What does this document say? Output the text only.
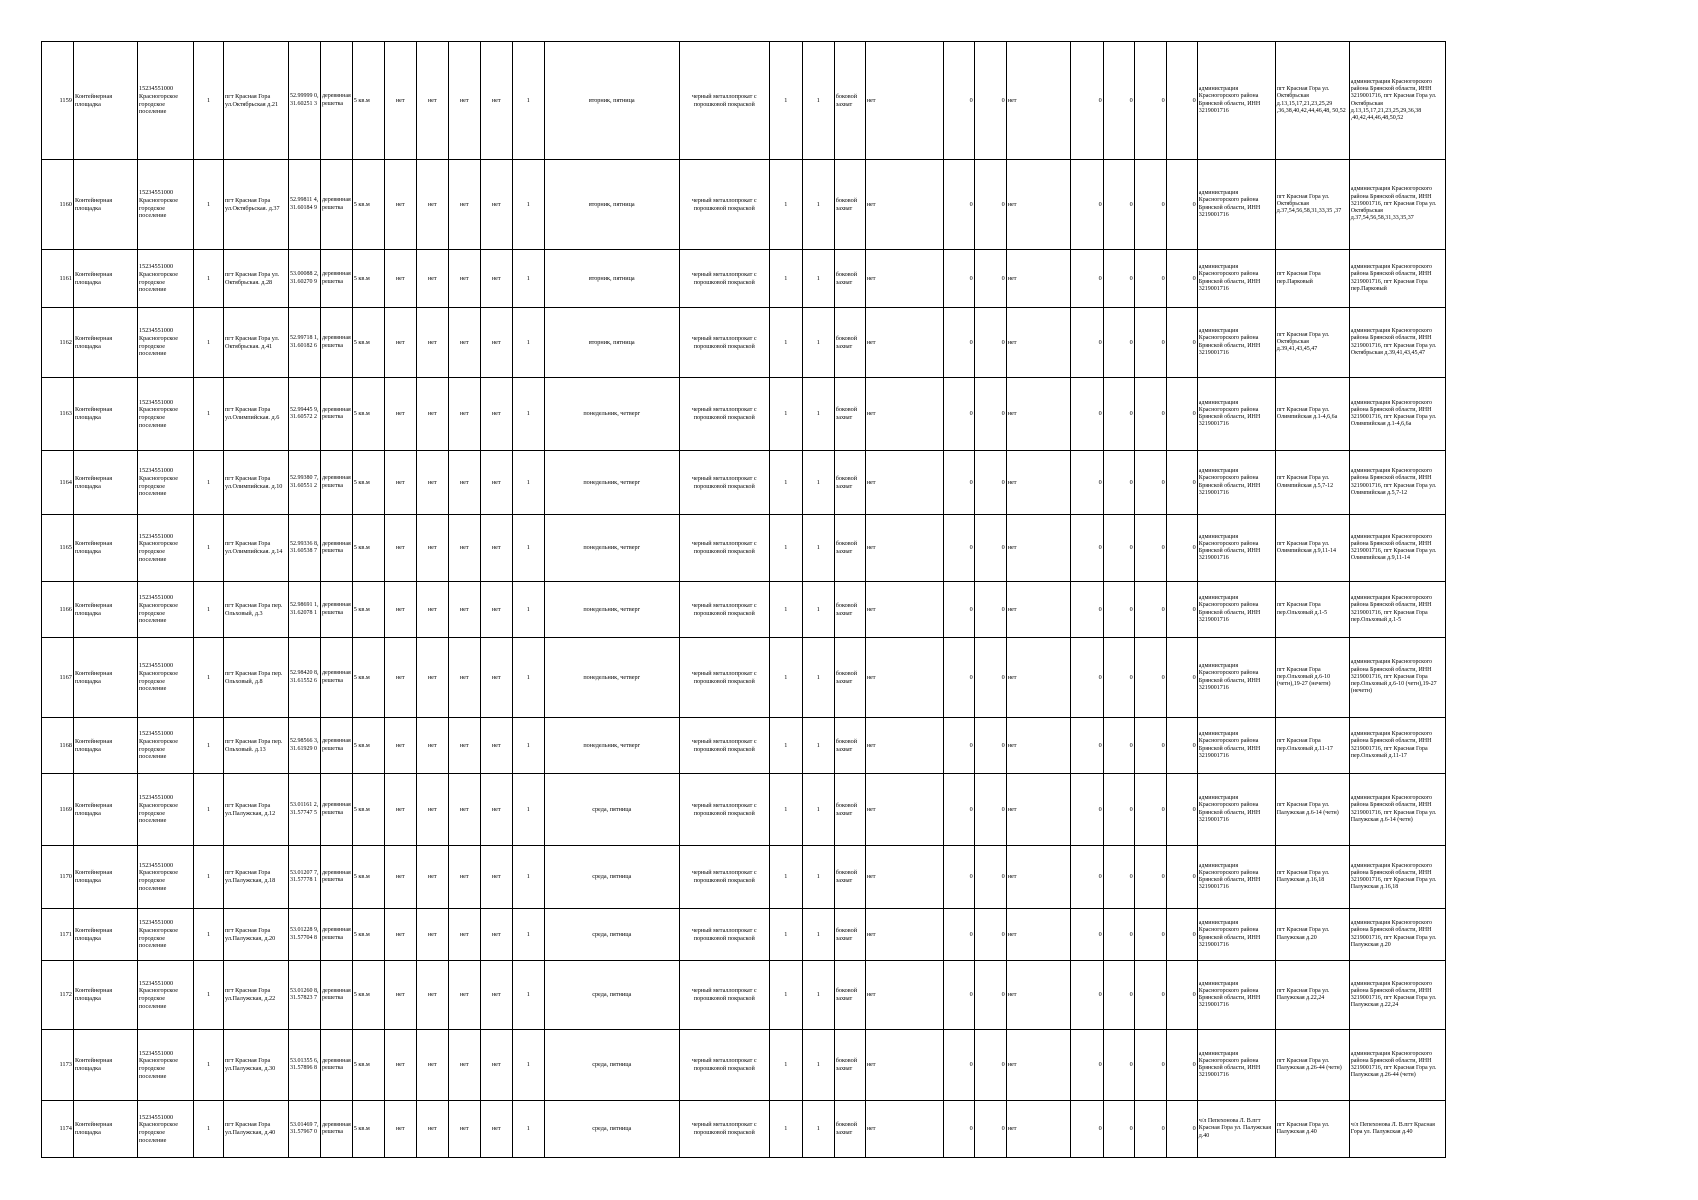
1159	Контейнерная площадка	15234551000 Красногорское городское поселение	1	пгт Красная Гора ул.Октябрьская д.21	52.99999 0, 31.60251 3	деревянная решетка	5 кв.м	нет	нет	нет	нет	1	вторник, пятница	черный металлопрокат с порошковой покраской	1	1	боковой захват	нет	0	0	нет	0	0	0	0	администрация Красногорского района Брянской области, ИНН 3219001716	пгт Красная Гора ул. Октябрьская д.13,15,17,21,23,25,29 ,36,38,40,42,44,46,48, 50,52	администрация Красногорского района Брянской области, ИНН 3219001716, пгт Красная Гора ул. Октябрьская д.13,15,17,21,23,25,29,36,38 ,40,42,44,46,48,50,52
1160	Контейнерная площадка	15234551000 Красногорское городское поселение	1	пгт Красная Гора ул.Октябрьская. д.37	52.99811 4, 31.60184 9	деревянная решетка	5 кв.м	нет	нет	нет	нет	1	вторник, пятница	черный металлопрокат с порошковой покраской	1	1	боковой захват	нет	0	0	нет	0	0	0	0	администрация Красногорского района Брянской области, ИНН 3219001716	пгт Красная Гора ул. Октябрьская д.37,54,56,58,31,33,35 ,37	администрация Красногорского района Брянской области, ИНН 3219001716, пгт Красная Гора ул. Октябрьская д.37,54,56,58,31,33,35,37
1161	Контейнерная площадка	15234551000 Красногорское городское поселение	1	пгт Красная Гора ул. Октябрьская. д.28	53.00088 2, 31.60270 9	деревянная решетка	5 кв.м	нет	нет	нет	нет	1	вторник, пятница	черный металлопрокат с порошковой покраской	1	1	боковой захват	нет	0	0	нет	0	0	0	0	администрация Красногорского района Брянской области, ИНН 3219001716	пгт Красная Гора пер.Парковый	администрация Красногорского района Брянской области, ИНН 3219001716, пгт Красная Гора пер.Парковый
1162	Контейнерная площадка	15234551000 Красногорское городское поселение	1	пгт Красная Гора ул. Октябрьская. д.41	52.99718 1, 31.60182 6	деревянная решетка	5 кв.м	нет	нет	нет	нет	1	вторник, пятница	черный металлопрокат с порошковой покраской	1	1	боковой захват	нет	0	0	нет	0	0	0	0	администрация Красногорского района Брянской области, ИНН 3219001716	пгт Красная Гора ул. Октябрьская д.39,41,43,45,47	администрация Красногорского района Брянской области, ИНН 3219001716, пгт Красная Гора ул. Октябрьская д.39,41,43,45,47
1163	Контейнерная площадка	15234551000 Красногорское городское поселение	1	пгт Красная Гора ул.Олимпийская. д.6	52.99445 9, 31.60572 2	деревянная решетка	5 кв.м	нет	нет	нет	нет	1	понедельник, четверг	черный металлопрокат с порошковой покраской	1	1	боковой захват	нет	0	0	нет	0	0	0	0	администрация Красногорского района Брянской области, ИНН 3219001716	пгт Красная Гора ул. Олимпийская д.1-4,6,6а	администрация Красногорского района Брянской области, ИНН 3219001716, пгт Красная Гора ул. Олимпийская д.1-4,6,6а
1164	Контейнерная площадка	15234551000 Красногорское городское поселение	1	пгт Красная Гора ул.Олимпийская. д.10	52.99380 7, 31.60551 2	деревянная решетка	5 кв.м	нет	нет	нет	нет	1	понедельник, четверг	черный металлопрокат с порошковой покраской	1	1	боковой захват	нет	0	0	нет	0	0	0	0	администрация Красногорского района Брянской области, ИНН 3219001716	пгт Красная Гора ул. Олимпийская д.5,7-12	администрация Красногорского района Брянской области, ИНН 3219001716, пгт Красная Гора ул. Олимпийская д.5,7-12
1165	Контейнерная площадка	15234551000 Красногорское городское поселение	1	пгт Красная Гора ул.Олимпийская. д.14	52.99336 8, 31.60538 7	деревянная решетка	5 кв.м	нет	нет	нет	нет	1	понедельник, четверг	черный металлопрокат с порошковой покраской	1	1	боковой захват	нет	0	0	нет	0	0	0	0	администрация Красногорского района Брянской области, ИНН 3219001716	пгт Красная Гора ул. Олимпийская д.9,11-14	администрация Красногорского района Брянской области, ИНН 3219001716, пгт Красная Гора ул. Олимпийская д.9,11-14
1166	Контейнерная площадка	15234551000 Красногорское городское поселение	1	пгт Красная Гора пер. Ольховый, д.3	52.98691 1, 31.62078 1	деревянная решетка	5 кв.м	нет	нет	нет	нет	1	понедельник, четверг	черный металлопрокат с порошковой покраской	1	1	боковой захват	нет	0	0	нет	0	0	0	0	администрация Красногорского района Брянской области, ИНН 3219001716	пгт Красная Гора пер.Ольховый д.1-5	администрация Красногорского района Брянской области, ИНН 3219001716, пгт Красная Гора пер.Ольховый д.1-5
1167	Контейнерная площадка	15234551000 Красногорское городское поселение	1	пгт Красная Гора пер. Ольховый, д.8	52.98420 8, 31.61552 6	деревянная решетка	5 кв.м	нет	нет	нет	нет	1	понедельник, четверг	черный металлопрокат с порошковой покраской	1	1	боковой захват	нет	0	0	нет	0	0	0	0	администрация Красногорского района Брянской области, ИНН 3219001716	пгт Красная Гора пер.Ольховый д.6-10 (четн),19-27 (нечетн)	администрация Красногорского района Брянской области, ИНН 3219001716, пгт Красная Гора пер.Ольховый д.6-10 (четн),19-27 (нечетн)
1168	Контейнерная площадка	15234551000 Красногорское городское поселение	1	пгт Красная Гора пер. Ольховый. д.13	52.98566 3, 31.61929 0	деревянная решетка	5 кв.м	нет	нет	нет	нет	1	понедельник, четверг	черный металлопрокат с порошковой покраской	1	1	боковой захват	нет	0	0	нет	0	0	0	0	администрация Красногорского района Брянской области, ИНН 3219001716	пгт Красная Гора пер.Ольховый д.11-17	администрация Красногорского района Брянской области, ИНН 3219001716, пгт Красная Гора пер.Ольховый д.11-17
1169	Контейнерная площадка	15234551000 Красногорское городское поселение	1	пгт Красная Гора ул.Палужская, д.12	53.01161 2, 31.57747 5	деревянная решетка	5 кв.м	нет	нет	нет	нет	1	среда, пятница	черный металлопрокат с порошковой покраской	1	1	боковой захват	нет	0	0	нет	0	0	0	0	администрация Красногорского района Брянской области, ИНН 3219001716	пгт Красная Гора ул. Палужская д.6-14 (четн)	администрация Красногорского района Брянской области, ИНН 3219001716, пгт Красная Гора ул. Палужская д.6-14 (четн)
1170	Контейнерная площадка	15234551000 Красногорское городское поселение	1	пгт Красная Гора ул.Палужская, д.18	53.01207 7, 31.57778 1	деревянная решетка	5 кв.м	нет	нет	нет	нет	1	среда, пятница	черный металлопрокат с порошковой покраской	1	1	боковой захват	нет	0	0	нет	0	0	0	0	администрация Красногорского района Брянской области, ИНН 3219001716	пгт Красная Гора ул. Палужская д.16,18	администрация Красногорского района Брянской области, ИНН 3219001716, пгт Красная Гора ул. Палужская д.16,18
1171	Контейнерная площадка	15234551000 Красногорское городское поселение	1	пгт Красная Гора ул.Палужская, д.20	53.01228 9, 31.57704 8	деревянная решетка	5 кв.м	нет	нет	нет	нет	1	среда, пятница	черный металлопрокат с порошковой покраской	1	1	боковой захват	нет	0	0	нет	0	0	0	0	администрация Красногорского района Брянской области, ИНН 3219001716	пгт Красная Гора ул. Палужская д.20	администрация Красногорского района Брянской области, ИНН 3219001716, пгт Красная Гора ул. Палужская д.20
1172	Контейнерная площадка	15234551000 Красногорское городское поселение	1	пгт Красная Гора ул.Палужская, д.22	53.01260 8, 31.57823 7	деревянная решетка	5 кв.м	нет	нет	нет	нет	1	среда, пятница	черный металлопрокат с порошковой покраской	1	1	боковой захват	нет	0	0	нет	0	0	0	0	администрация Красногорского района Брянской области, ИНН 3219001716	пгт Красная Гора ул. Палужская д.22,24	администрация Красногорского района Брянской области, ИНН 3219001716, пгт Красная Гора ул. Палужская д.22,24
1173	Контейнерная площадка	15234551000 Красногорское городское поселение	1	пгт Красная Гора ул.Палужская, д.30	53.01355 6, 31.57896 8	деревянная решетка	5 кв.м	нет	нет	нет	нет	1	среда, пятница	черный металлопрокат с порошковой покраской	1	1	боковой захват	нет	0	0	нет	0	0	0	0	администрация Красногорского района Брянской области, ИНН 3219001716	пгт Красная Гора ул. Палужская д.26-44 (четн)	администрация Красногорского района Брянской области, ИНН 3219001716, пгт Красная Гора ул. Палужская д.26-44 (четн)
1174	Контейнерная площадка	15234551000 Красногорское городское поселение	1	пгт Красная Гора ул.Палужская, д.40	53.01469 7, 31.57967 0	деревянная решетка	5 кв.м	нет	нет	нет	нет	1	среда, пятница	черный металлопрокат с порошковой покраской	1	1	боковой захват	нет	0	0	нет	0	0	0	0	ч/л Пепехонова Л. В.пгт Красная Гора ул. Палужская д.40	пгт Красная Гора ул. Палужская д.40	ч/л Пепехонова Л. В.пгт Красная Гора ул. Палужская д.40
